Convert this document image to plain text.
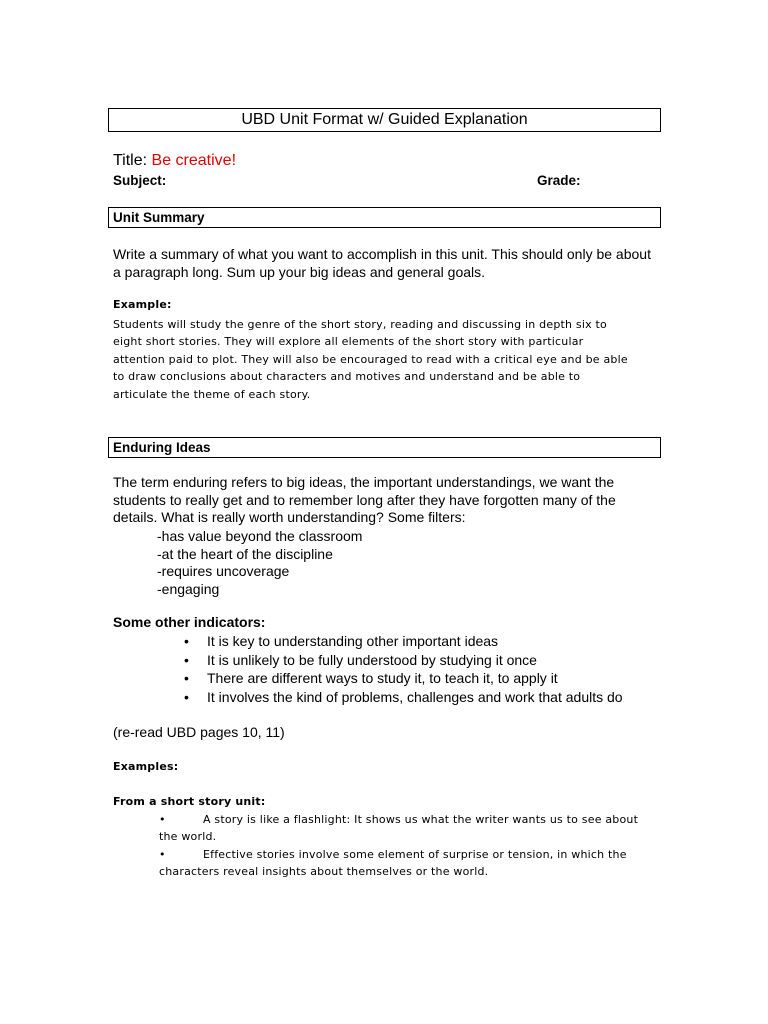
UBD Unit Format w/ Guided Explanation
Title: Be creative!
Subject:	Grade:
Unit Summary
Write a summary of what you want to accomplish in this unit. This should only be about a paragraph long. Sum up your big ideas and general goals.
Example:
Students will study the genre of the short story, reading and discussing in depth six to eight short stories. They will explore all elements of the short story with particular attention paid to plot. They will also be encouraged to read with a critical eye and be able to draw conclusions about characters and motives and understand and be able to articulate the theme of each story.
Enduring Ideas
The term enduring refers to big ideas, the important understandings, we want the students to really get and to remember long after they have forgotten many of the details. What is really worth understanding? Some filters:
-has value beyond the classroom
-at the heart of the discipline
-requires uncoverage
-engaging
Some other indicators:
• It is key to understanding other important ideas
• It is unlikely to be fully understood by studying it once
• There are different ways to study it, to teach it, to apply it
• It involves the kind of problems, challenges and work that adults do
(re-read UBD pages 10, 11)
Examples:
From a short story unit:
•	A story is like a flashlight: It shows us what the writer wants us to see about the world.
•	Effective stories involve some element of surprise or tension, in which the characters reveal insights about themselves or the world.
